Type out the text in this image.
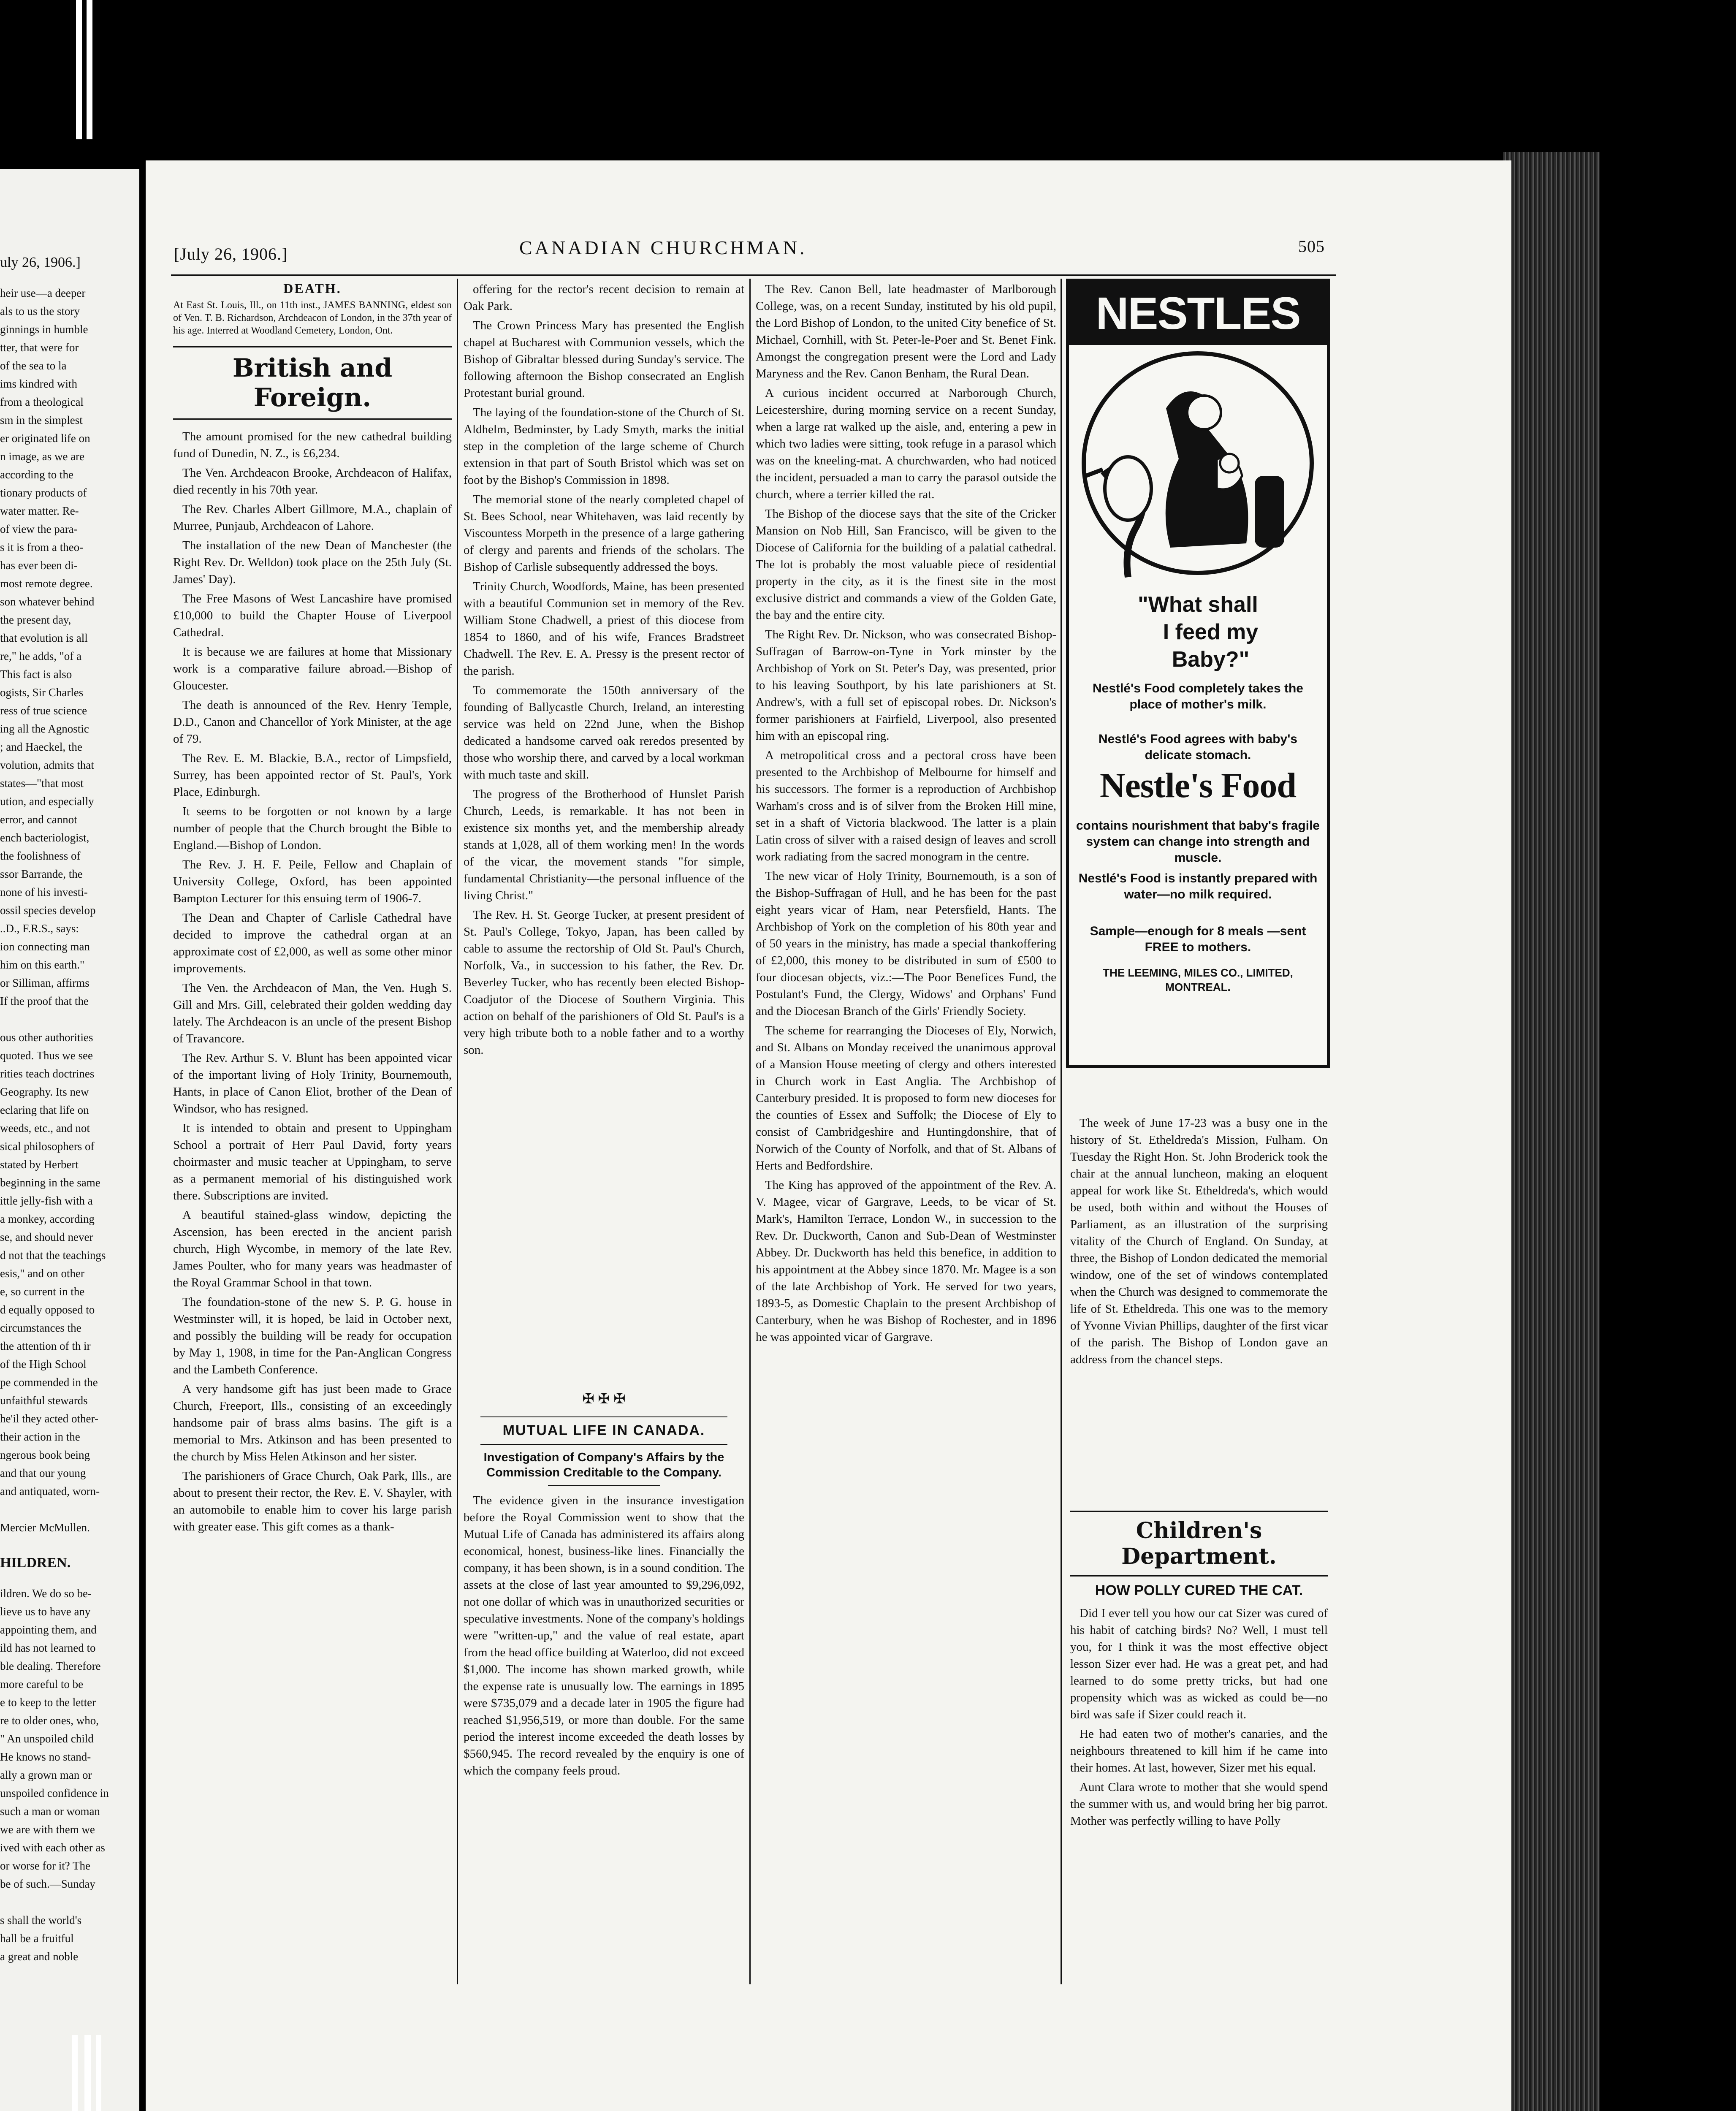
uly 26, 1906.]
heir use—a deeper
als to us the story
ginnings in humble
tter, that were for
of the sea to la
ims kindred with
from a theological
sm in the simplest
er originated life on
n image, as we are
according to the
tionary products of
water matter. Re-
of view the para-
s it is from a theo-
has ever been di-
most remote degree.
son whatever behind
the present day,
that evolution is all
re," he adds, "of a
This fact is also
ogists, Sir Charles
ress of true science
ing all the Agnostic
; and Haeckel, the
volution, admits that
states—"that most
ution, and especially
error, and cannot
ench bacteriologist,
the foolishness of
ssor Barrande, the
none of his investi-
ossil species develop
..D., F.R.S., says:
ion connecting man
him on this earth."
or Silliman, affirms
If the proof that the
ous other authorities
quoted. Thus we see
rities teach doctrines
Geography. Its new
eclaring that life on
weeds, etc., and not
sical philosophers of
stated by Herbert
beginning in the same
ittle jelly-fish with a
a monkey, according
se, and should never
d not that the teachings
esis," and on other
e, so current in the
d equally opposed to
circumstances the
the attention of th ir
of the High School
pe commended in the
unfaithful stewards
he'il they acted other-
their action in the
ngerous book being
and that our young
and antiquated, worn-
Mercier McMullen.
HILDREN.
ildren. We do so be-
lieve us to have any
appointing them, and
ild has not learned to
ble dealing. Therefore
more careful to be
e to keep to the letter
re to older ones, who,
" An unspoiled child
He knows no stand-
ally a grown man or
unspoiled confidence in
such a man or woman
we are with them we
ived with each other as
or worse for it? The
be of such.—Sunday
s shall the world's
hall be a fruitful
a great and noble
[July 26, 1906.]	CANADIAN CHURCHMAN.	505
DEATH.
At East St. Louis, Ill., on 11th inst., JAMES BANNING, eldest son of Ven. T. B. Richardson, Archdeacon of London, in the 37th year of his age. Interred at Woodland Cemetery, London, Ont.
British and Foreign.

The amount promised for the new cathedral building fund of Dunedin, N. Z., is £6,234.

The Ven. Archdeacon Brooke, Archdeacon of Halifax, died recently in his 70th year.

The Rev. Charles Albert Gillmore, M.A., chaplain of Murree, Punjaub, Archdeacon of Lahore.

The installation of the new Dean of Manchester (the Right Rev. Dr. Welldon) took place on the 25th July (St. James' Day).

The Free Masons of West Lancashire have promised £10,000 to build the Chapter House of Liverpool Cathedral.

It is because we are failures at home that Missionary work is a comparative failure abroad.—Bishop of Gloucester.

The death is announced of the Rev. Henry Temple, D.D., Canon and Chancellor of York Minister, at the age of 79.

The Rev. E. M. Blackie, B.A., rector of Limpsfield, Surrey, has been appointed rector of St. Paul's, York Place, Edinburgh.

It seems to be forgotten or not known by a large number of people that the Church brought the Bible to England.—Bishop of London.

The Rev. J. H. F. Peile, Fellow and Chaplain of University College, Oxford, has been appointed Bampton Lecturer for this ensuing term of 1906-7.

The Dean and Chapter of Carlisle Cathedral have decided to improve the cathedral organ at an approximate cost of £2,000, as well as some other minor improvements.

The Ven. the Archdeacon of Man, the Ven. Hugh S. Gill and Mrs. Gill, celebrated their golden wedding day lately. The Archdeacon is an uncle of the present Bishop of Travancore.

The Rev. Arthur S. V. Blunt has been appointed vicar of the important living of Holy Trinity, Bournemouth, Hants, in place of Canon Eliot, brother of the Dean of Windsor, who has resigned.

It is intended to obtain and present to Uppingham School a portrait of Herr Paul David, forty years choirmaster and music teacher at Uppingham, to serve as a permanent memorial of his distinguished work there. Subscriptions are invited.

A beautiful stained-glass window, depicting the Ascension, has been erected in the ancient parish church, High Wycombe, in memory of the late Rev. James Poulter, who for many years was headmaster of the Royal Grammar School in that town.

The foundation-stone of the new S. P. G. house in Westminster will, it is hoped, be laid in October next, and possibly the building will be ready for occupation by May 1, 1908, in time for the Pan-Anglican Congress and the Lambeth Conference.

A very handsome gift has just been made to Grace Church, Freeport, Ills., consisting of an exceedingly handsome pair of brass alms basins. The gift is a memorial to Mrs. Atkinson and has been presented to the church by Miss Helen Atkinson and her sister.

The parishioners of Grace Church, Oak Park, Ills., are about to present their rector, the Rev. E. V. Shayler, with an automobile to enable him to cover his large parish with greater ease. This gift comes as a thank-

offering for the rector's recent decision to remain at Oak Park.

The Crown Princess Mary has presented the English chapel at Bucharest with Communion vessels, which the Bishop of Gibraltar blessed during Sunday's service. The following afternoon the Bishop consecrated an English Protestant burial ground.

The laying of the foundation-stone of the Church of St. Aldhelm, Bedminster, by Lady Smyth, marks the initial step in the completion of the large scheme of Church extension in that part of South Bristol which was set on foot by the Bishop's Commission in 1898.

The memorial stone of the nearly completed chapel of St. Bees School, near Whitehaven, was laid recently by Viscountess Morpeth in the presence of a large gathering of clergy and parents and friends of the scholars. The Bishop of Carlisle subsequently addressed the boys.

Trinity Church, Woodfords, Maine, has been presented with a beautiful Communion set in memory of the Rev. William Stone Chadwell, a priest of this diocese from 1854 to 1860, and of his wife, Frances Bradstreet Chadwell. The Rev. E. A. Pressy is the present rector of the parish.

To commemorate the 150th anniversary of the founding of Ballycastle Church, Ireland, an interesting service was held on 22nd June, when the Bishop dedicated a handsome carved oak reredos presented by those who worship there, and carved by a local workman with much taste and skill.

The progress of the Brotherhood of Hunslet Parish Church, Leeds, is remarkable. It has not been in existence six months yet, and the membership already stands at 1,028, all of them working men! In the words of the vicar, the movement stands "for simple, fundamental Christianity—the personal influence of the living Christ."

The Rev. H. St. George Tucker, at present president of St. Paul's College, Tokyo, Japan, has been called by cable to assume the rectorship of Old St. Paul's Church, Norfolk, Va., in succession to his father, the Rev. Dr. Beverley Tucker, who has recently been elected Bishop-Coadjutor of the Diocese of Southern Virginia. This action on behalf of the parishioners of Old St. Paul's is a very high tribute both to a noble father and to a worthy son.

✠ ✠ ✠
MUTUAL LIFE IN CANADA.
Investigation of Company's Affairs by the Commission Creditable to the Company.

The evidence given in the insurance investigation before the Royal Commission went to show that the Mutual Life of Canada has administered its affairs along economical, honest, business-like lines. Financially the company, it has been shown, is in a sound condition. The assets at the close of last year amounted to $9,296,092, not one dollar of which was in unauthorized securities or speculative investments. None of the company's holdings were "written-up," and the value of real estate, apart from the head office building at Waterloo, did not exceed $1,000. The income has shown marked growth, while the expense rate is unusually low. The earnings in 1895 were $735,079 and a decade later in 1905 the figure had reached $1,956,519, or more than double. For the same period the interest income exceeded the death losses by $560,945. The record revealed by the enquiry is one of which the company feels proud.

The Rev. Canon Bell, late headmaster of Marlborough College, was, on a recent Sunday, instituted by his old pupil, the Lord Bishop of London, to the united City benefice of St. Michael, Cornhill, with St. Peter-le-Poer and St. Benet Fink. Amongst the congregation present were the Lord and Lady Maryness and the Rev. Canon Benham, the Rural Dean.

A curious incident occurred at Narborough Church, Leicestershire, during morning service on a recent Sunday, when a large rat walked up the aisle, and, entering a pew in which two ladies were sitting, took refuge in a parasol which was on the kneeling-mat. A churchwarden, who had noticed the incident, persuaded a man to carry the parasol outside the church, where a terrier killed the rat.

The Bishop of the diocese says that the site of the Cricker Mansion on Nob Hill, San Francisco, will be given to the Diocese of California for the building of a palatial cathedral. The lot is probably the most valuable piece of residential property in the city, as it is the finest site in the most exclusive district and commands a view of the Golden Gate, the bay and the entire city.

The Right Rev. Dr. Nickson, who was consecrated Bishop-Suffragan of Barrow-on-Tyne in York minster by the Archbishop of York on St. Peter's Day, was presented, prior to his leaving Southport, by his late parishioners at St. Andrew's, with a full set of episcopal robes. Dr. Nickson's former parishioners at Fairfield, Liverpool, also presented him with an episcopal ring.

A metropolitical cross and a pectoral cross have been presented to the Archbishop of Melbourne for himself and his successors. The former is a reproduction of Archbishop Warham's cross and is of silver from the Broken Hill mine, set in a shaft of Victoria blackwood. The latter is a plain Latin cross of silver with a raised design of leaves and scroll work radiating from the sacred monogram in the centre.

The new vicar of Holy Trinity, Bournemouth, is a son of the Bishop-Suffragan of Hull, and he has been for the past eight years vicar of Ham, near Petersfield, Hants. The Archbishop of York on the completion of his 80th year and of 50 years in the ministry, has made a special thankoffering of £2,000, this money to be distributed in sum of £500 to four diocesan objects, viz.:—The Poor Benefices Fund, the Postulant's Fund, the Clergy, Widows' and Orphans' Fund and the Diocesan Branch of the Girls' Friendly Society.

The scheme for rearranging the Dioceses of Ely, Norwich, and St. Albans on Monday received the unanimous approval of a Mansion House meeting of clergy and others interested in Church work in East Anglia. The Archbishop of Canterbury presided. It is proposed to form new dioceses for the counties of Essex and Suffolk; the Diocese of Ely to consist of Cambridgeshire and Huntingdonshire, that of Norwich of the County of Norfolk, and that of St. Albans of Herts and Bedfordshire.

The King has approved of the appointment of the Rev. A. V. Magee, vicar of Gargrave, Leeds, to be vicar of St. Mark's, Hamilton Terrace, London W., in succession to the Rev. Dr. Duckworth, Canon and Sub-Dean of Westminster Abbey. Dr. Duckworth has held this benefice, in addition to his appointment at the Abbey since 1870. Mr. Magee is a son of the late Archbishop of York. He served for two years, 1893-5, as Domestic Chaplain to the present Archbishop of Canterbury, when he was Bishop of Rochester, and in 1896 he was appointed vicar of Gargrave.

NESTLES
"What shall
I feed my
Baby?"
Nestlé's Food completely takes the place of mother's milk.
Nestlé's Food agrees with baby's delicate stomach.
Nestle's Food
contains nourishment that baby's fragile system can change into strength and muscle.
Nestlé's Food is instantly prepared with water—no milk required.
Sample—enough for 8 meals —sent FREE to mothers.
THE LEEMING, MILES CO., LIMITED, MONTREAL.
The week of June 17-23 was a busy one in the history of St. Etheldreda's Mission, Fulham. On Tuesday the Right Hon. St. John Broderick took the chair at the annual luncheon, making an eloquent appeal for work like St. Etheldreda's, which would be used, both within and without the Houses of Parliament, as an illustration of the surprising vitality of the Church of England. On Sunday, at three, the Bishop of London dedicated the memorial window, one of the set of windows contemplated when the Church was designed to commemorate the life of St. Etheldreda. This one was to the memory of Yvonne Vivian Phillips, daughter of the first vicar of the parish. The Bishop of London gave an address from the chancel steps.
Children's Department.
HOW POLLY CURED THE CAT.

Did I ever tell you how our cat Sizer was cured of his habit of catching birds? No? Well, I must tell you, for I think it was the most effective object lesson Sizer ever had. He was a great pet, and had learned to do some pretty tricks, but had one propensity which was as wicked as could be—no bird was safe if Sizer could reach it.

He had eaten two of mother's canaries, and the neighbours threatened to kill him if he came into their homes. At last, however, Sizer met his equal.

Aunt Clara wrote to mother that she would spend the summer with us, and would bring her big parrot. Mother was perfectly willing to have Polly
